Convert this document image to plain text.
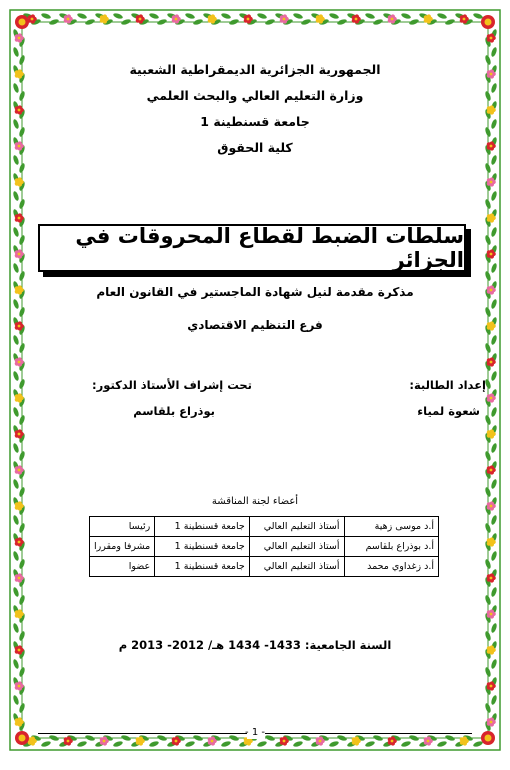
الجمهورية الجزائرية الديمقراطية الشعبية
وزارة التعليم العالي والبحث العلمي
جامعة قسنطينة 1
كلية الحقوق
سلطات الضبط لقطاع المحروقات في الجزائر
مذكرة مقدمة لنيل شهادة الماجستير في القانون العام
فرع التنظيم الاقتصادي
إعداد الطالبة:
تحت إشراف الأستاذ الدكتور:
شعوة لمياء
بوذراع بلقاسم
أعضاء لجنة المناقشة
أ.د موسى زهية	أستاذ التعليم العالي	جامعة قسنطينة 1	رئيسا
أ.د بوذراع بلقاسم	أستاذ التعليم العالي	جامعة قسنطينة 1	مشرفا ومقررا
أ.د زغداوي محمد	أستاذ التعليم العالي	جامعة قسنطينة 1	عضوا
السنة الجامعية: 1433- 1434 هـ/ 2012- 2013 م
- 1 -
